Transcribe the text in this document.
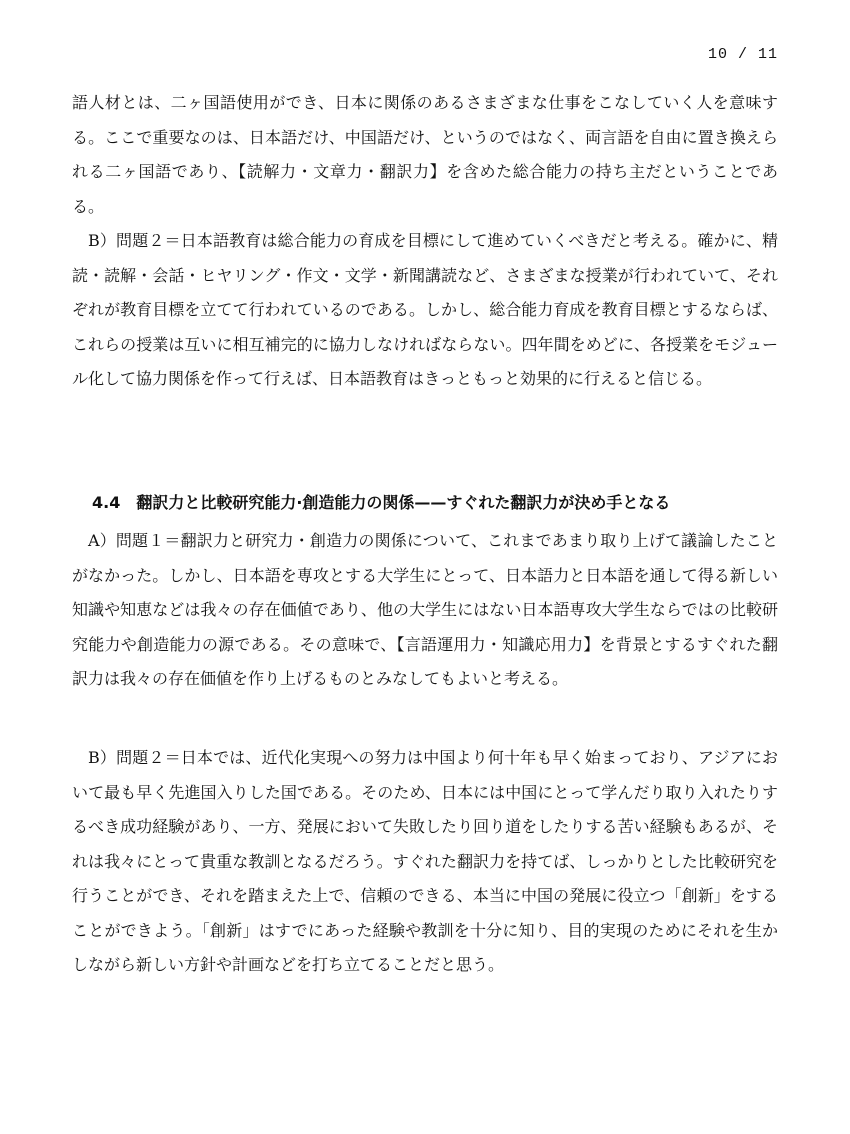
10 / 11

語人材とは、二ヶ国語使用ができ、日本に関係のあるさまざまな仕事をこなしていく人を意味する。ここで重要なのは、日本語だけ、中国語だけ、というのではなく、両言語を自由に置き換えられる二ヶ国語であり、【読解力・文章力・翻訳力】を含めた総合能力の持ち主だということである。

B）問題２＝日本語教育は総合能力の育成を目標にして進めていくべきだと考える。確かに、精読・読解・会話・ヒヤリング・作文・文学・新聞講読など、さまざまな授業が行われていて、それぞれが教育目標を立てて行われているのである。しかし、総合能力育成を教育目標とするならば、これらの授業は互いに相互補完的に協力しなければならない。四年間をめどに、各授業をモジュール化して協力関係を作って行えば、日本語教育はきっともっと効果的に行えると信じる。

4.4　翻訳力と比較研究能力·創造能力の関係——すぐれた翻訳力が決め手となる

A）問題１＝翻訳力と研究力・創造力の関係について、これまであまり取り上げて議論したことがなかった。しかし、日本語を専攻とする大学生にとって、日本語力と日本語を通して得る新しい知識や知恵などは我々の存在価値であり、他の大学生にはない日本語専攻大学生ならではの比較研究能力や創造能力の源である。その意味で、【言語運用力・知識応用力】を背景とするすぐれた翻訳力は我々の存在価値を作り上げるものとみなしてもよいと考える。

B）問題２＝日本では、近代化実現への努力は中国より何十年も早く始まっており、アジアにおいて最も早く先進国入りした国である。そのため、日本には中国にとって学んだり取り入れたりするべき成功経験があり、一方、発展において失敗したり回り道をしたりする苦い経験もあるが、それは我々にとって貴重な教訓となるだろう。すぐれた翻訳力を持てば、しっかりとした比較研究を行うことができ、それを踏まえた上で、信頼のできる、本当に中国の発展に役立つ「創新」をすることができよう。「創新」はすでにあった経験や教訓を十分に知り、目的実現のためにそれを生かしながら新しい方針や計画などを打ち立てることだと思う。
